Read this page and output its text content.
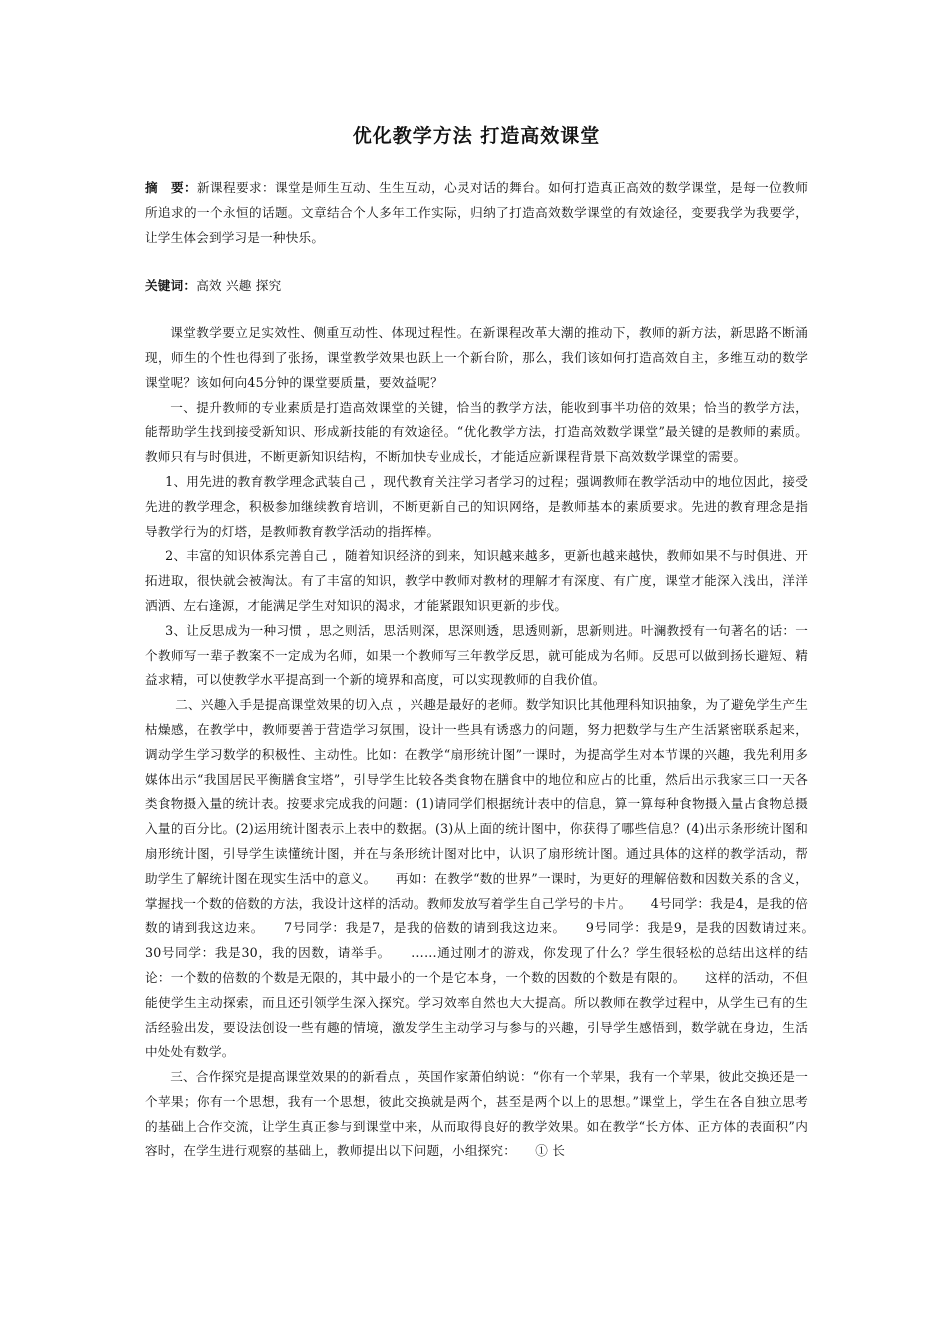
优化教学方法 打造高效课堂

摘　要：新课程要求：课堂是师生互动、生生互动，心灵对话的舞台。如何打造真正高效的数学课堂，是每一位教师所追求的一个永恒的话题。文章结合个人多年工作实际，归纳了打造高效数学课堂的有效途径，变要我学为我要学，让学生体会到学习是一种快乐。

关键词：高效 兴趣 探究

课堂教学要立足实效性、侧重互动性、体现过程性。在新课程改革大潮的推动下，教师的新方法，新思路不断涌现，师生的个性也得到了张扬，课堂教学效果也跃上一个新台阶，那么，我们该如何打造高效自主，多维互动的数学课堂呢？该如何向45分钟的课堂要质量，要效益呢？

一、提升教师的专业素质是打造高效课堂的关键，恰当的教学方法，能收到事半功倍的效果；恰当的教学方法，能帮助学生找到接受新知识、形成新技能的有效途径。“优化教学方法，打造高效数学课堂”最关键的是教师的素质。教师只有与时俱进，不断更新知识结构，不断加快专业成长，才能适应新课程背景下高效数学课堂的需要。

1、用先进的教育教学理念武装自己 ，现代教育关注学习者学习的过程；强调教师在教学活动中的地位因此，接受先进的教学理念，积极参加继续教育培训，不断更新自己的知识网络，是教师基本的素质要求。先进的教育理念是指导教学行为的灯塔，是教师教育教学活动的指挥棒。

2、丰富的知识体系完善自己 ，随着知识经济的到来，知识越来越多，更新也越来越快，教师如果不与时俱进、开拓进取，很快就会被淘汰。有了丰富的知识，教学中教师对教材的理解才有深度、有广度，课堂才能深入浅出，洋洋洒洒、左右逢源，才能满足学生对知识的渴求，才能紧跟知识更新的步伐。

3、让反思成为一种习惯 ，思之则活，思活则深，思深则透，思透则新，思新则进。叶澜教授有一句著名的话：一个教师写一辈子教案不一定成为名师，如果一个教师写三年教学反思，就可能成为名师。反思可以做到扬长避短、精益求精，可以使教学水平提高到一个新的境界和高度，可以实现教师的自我价值。

二、兴趣入手是提高课堂效果的切入点 ，兴趣是最好的老师。数学知识比其他理科知识抽象，为了避免学生产生枯燥感，在教学中，教师要善于营造学习氛围，设计一些具有诱惑力的问题，努力把数学与生产生活紧密联系起来，调动学生学习数学的积极性、主动性。比如：在教学“扇形统计图”一课时，为提高学生对本节课的兴趣，我先利用多媒体出示“我国居民平衡膳食宝塔”，引导学生比较各类食物在膳食中的地位和应占的比重，然后出示我家三口一天各类食物摄入量的统计表。按要求完成我的问题：(1)请同学们根据统计表中的信息，算一算每种食物摄入量占食物总摄入量的百分比。(2)运用统计图表示上表中的数据。(3)从上面的统计图中，你获得了哪些信息？(4)出示条形统计图和扇形统计图，引导学生读懂统计图，并在与条形统计图对比中，认识了扇形统计图。通过具体的这样的教学活动，帮助学生了解统计图在现实生活中的意义。　　再如：在教学“数的世界”一课时，为更好的理解倍数和因数关系的含义，掌握找一个数的倍数的方法，我设计这样的活动。教师发放写着学生自己学号的卡片。　　4号同学：我是4，是我的倍数的请到我这边来。　　7号同学：我是7，是我的倍数的请到我这边来。　　9号同学：我是9，是我的因数请过来。　　30号同学：我是30，我的因数，请举手。　　……通过刚才的游戏，你发现了什么？学生很轻松的总结出这样的结论：一个数的倍数的个数是无限的，其中最小的一个是它本身，一个数的因数的个数是有限的。　　这样的活动，不但能使学生主动探索，而且还引领学生深入探究。学习效率自然也大大提高。所以教师在教学过程中，从学生已有的生活经验出发，要设法创设一些有趣的情境，激发学生主动学习与参与的兴趣，引导学生感悟到，数学就在身边，生活中处处有数学。

三、合作探究是提高课堂效果的的新看点 ，英国作家萧伯纳说：“你有一个苹果，我有一个苹果，彼此交换还是一个苹果；你有一个思想，我有一个思想，彼此交换就是两个，甚至是两个以上的思想。”课堂上，学生在各自独立思考的基础上合作交流，让学生真正参与到课堂中来，从而取得良好的教学效果。如在教学“长方体、正方体的表面积”内容时，在学生进行观察的基础上，教师提出以下问题，小组探究：　　① 长
